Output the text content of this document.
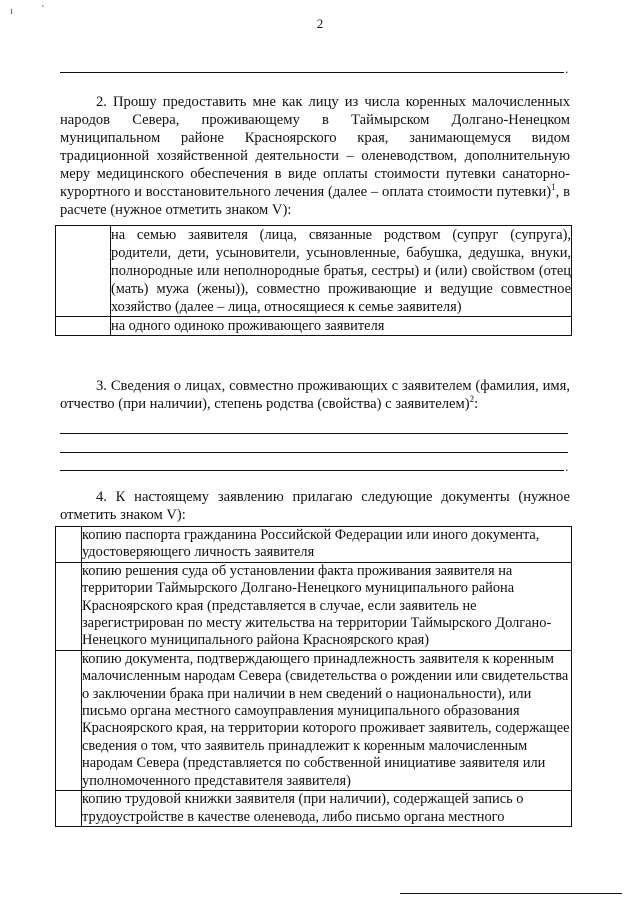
ı	'
2
.
2. Прошу предоставить мне как лицу из числа коренных малочисленных народов Севера, проживающему в Таймырском Долгано-Ненецком муниципальном районе Красноярского края, занимающемуся видом традиционной хозяйственной деятельности – оленеводством, дополнительную меру медицинского обеспечения в виде оплаты стоимости путевки санаторно-курортного и восстановительного лечения (далее – оплата стоимости путевки)$^1$, в расчете (нужное отметить знаком V):
	на семью заявителя (лица, связанные родством (супруг (супруга), родители, дети, усыновители, усыновленные, бабушка, дедушка, внуки, полнородные или неполнородные братья, сестры) и (или) свойством (отец (мать) мужа (жены)), совместно проживающие и ведущие совместное хозяйство (далее – лица, относящиеся к семье заявителя)
	на одного одиноко проживающего заявителя
3. Сведения о лицах, совместно проживающих с заявителем (фамилия, имя, отчество (при наличии), степень родства (свойства) с заявителем)$^2$:
.
4. К настоящему заявлению прилагаю следующие документы (нужное отметить знаком V):
	копию паспорта гражданина Российской Федерации или иного документа, удостоверяющего личность заявителя
	копию решения суда об установлении факта проживания заявителя на территории Таймырского Долгано-Ненецкого муниципального района Красноярского края (представляется в случае, если заявитель не зарегистрирован по месту жительства на территории Таймырского Долгано-Ненецкого муниципального района Красноярского края)
	копию документа, подтверждающего принадлежность заявителя к коренным малочисленным народам Севера (свидетельства о рождении или свидетельства о заключении брака при наличии в нем сведений о национальности), или письмо органа местного самоуправления муниципального образования Красноярского края, на территории которого проживает заявитель, содержащее сведения о том, что заявитель принадлежит к коренным малочисленным народам Севера (представляется по собственной инициативе заявителя или уполномоченного представителя заявителя)
	копию трудовой книжки заявителя (при наличии), содержащей запись о трудоустройстве в качестве оленевода, либо письмо органа местного
